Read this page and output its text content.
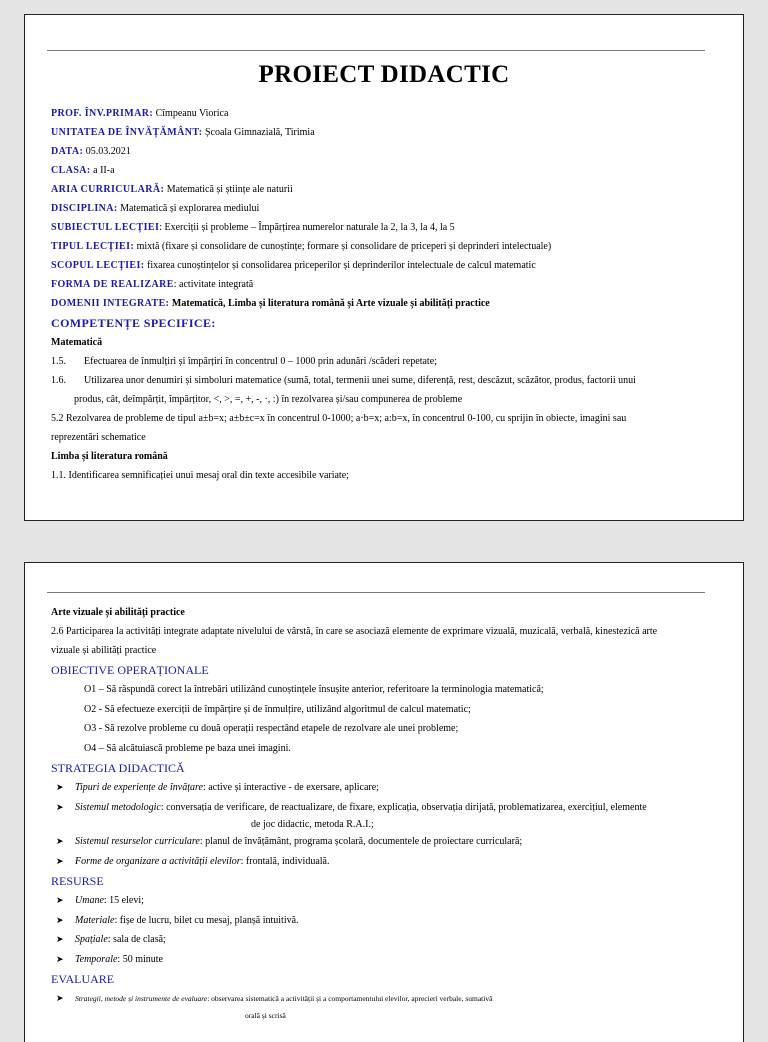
PROIECT DIDACTIC
PROF. ÎNV.PRIMAR: Cîmpeanu Viorica
UNITATEA DE ÎNVĂȚĂMÂNT: Școala Gimnazială, Tirimia
DATA: 05.03.2021
CLASA: a II-a
ARIA CURRICULARĂ: Matematică și științe ale naturii
DISCIPLINA: Matematică și explorarea mediului
SUBIECTUL LECȚIEI: Exerciții și probleme – Împărțirea numerelor naturale la 2, la 3, la 4, la 5
TIPUL LECȚIEI: mixtă (fixare și consolidare de cunoștințe; formare și consolidare de priceperi și deprinderi intelectuale)
SCOPUL LECȚIEI: fixarea cunoștințelor și consolidarea priceperilor și deprinderilor intelectuale de calcul matematic
FORMA DE REALIZARE: activitate integrată
DOMENII INTEGRATE: Matematică, Limba și literatura română și Arte vizuale și abilități practice
COMPETENȚE SPECIFICE:
Matematică
1.5. Efectuarea de înmulțiri și împărțiri în concentrul 0 – 1000 prin adunări /scăderi repetate;
1.6. Utilizarea unor denumiri și simboluri matematice (sumă, total, termenii unei sume, diferență, rest, descăzut, scăzător, produs, factorii unui
produs, cât, deîmpărțit, împărțitor, <, >, =, +, -, ·, :) în rezolvarea și/sau compunerea de probleme
5.2 Rezolvarea de probleme de tipul a±b=x; a±b±c=x în concentrul 0-1000; a·b=x; a:b=x, în concentrul 0-100, cu sprijin în obiecte, imagini sau
reprezentări schematice
Limba și literatura română
1.1. Identificarea semnificației unui mesaj oral din texte accesibile variate;
Arte vizuale și abilități practice
2.6 Participarea la activități integrate adaptate nivelului de vârstă, în care se asociază elemente de exprimare vizuală, muzicală, verbală, kinestezică arte
vizuale și abilități practice
OBIECTIVE OPERAȚIONALE
O1 – Să răspundă corect la întrebări utilizând cunoștințele însușite anterior, referitoare la terminologia matematică;
O2 - Să efectueze exerciții de împărțire și de înmulțire, utilizând algoritmul de calcul matematic;
O3 - Să rezolve probleme cu două operații respectând etapele de rezolvare ale unei probleme;
O4 – Să alcătuiască probleme pe baza unei imagini.
STRATEGIA DIDACTICĂ
➤ Tipuri de experiențe de învățare: active și interactive - de exersare, aplicare;
➤ Sistemul metodologic: conversația de verificare, de reactualizare, de fixare, explicația, observația dirijată, problematizarea, exercițiul, elemente
de joc didactic, metoda R.A.I.;
➤ Sistemul resurselor curriculare: planul de învățământ, programa școlară, documentele de proiectare curriculară;
➤ Forme de organizare a activității elevilor: frontală, individuală.
RESURSE
➤ Umane: 15 elevi;
➤ Materiale: fișe de lucru, bilet cu mesaj, planșă intuitivă.
➤ Spațiale: sala de clasă;
➤ Temporale: 50 minute
EVALUARE
➤ Strategii, metode și instrumente de evaluare: observarea sistematică a activității și a comportamentului elevilor, aprecieri verbale, sumativă
orală și scrisă
